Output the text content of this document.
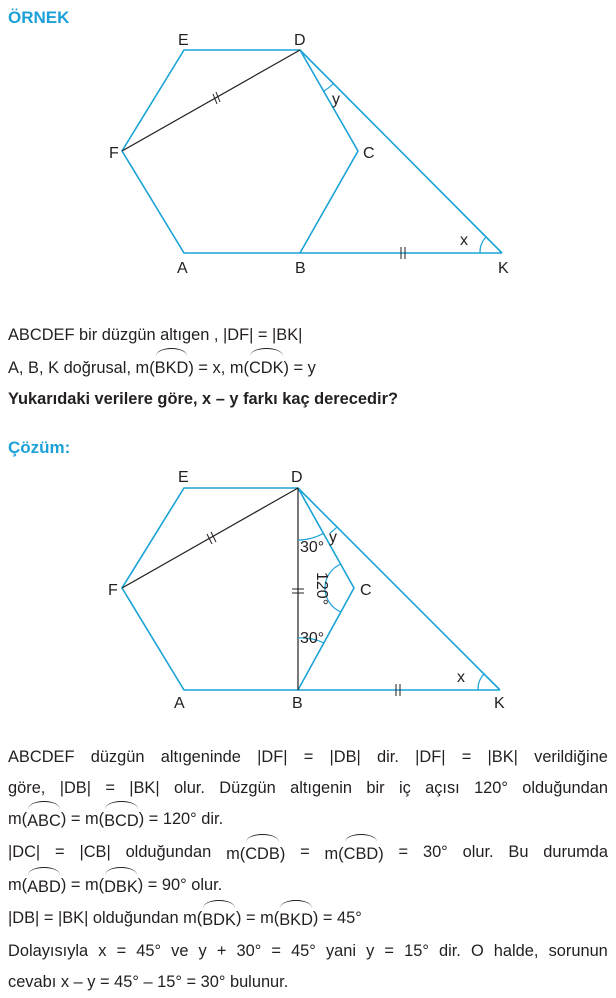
ÖRNEK
E	D
F	C
A	B	K
x
y
ABCDEF bir düzgün altıgen , |DF| = |BK|
A, B, K doğrusal, m(BKD) = x, m(CDK) = y
Yukarıdaki verilere göre, x – y farkı kaç derecedir?
Çözüm:
E	D
F	C
A	B	K
30°
y
30°
120°
x
ABCDEF düzgün altıgeninde |DF| = |DB| dir. |DF| = |BK| verildiğine
göre, |DB| = |BK| olur. Düzgün altıgenin bir iç açısı 120° olduğundan
m( ABC ) = m( BCD ) = 120° dir.
|DC| = |CB| olduğundan m(CDB) = m(CBD) = 30° olur. Bu durumda
m( ABD ) = m( DBK ) = 90° olur.
|DB| = |BK| olduğundan m( BDK ) = m( BKD ) = 45°
Dolayısıyla x = 45° ve y + 30° = 45° yani y = 15° dir. O halde, sorunun
cevabı x – y = 45° – 15° = 30° bulunur.
